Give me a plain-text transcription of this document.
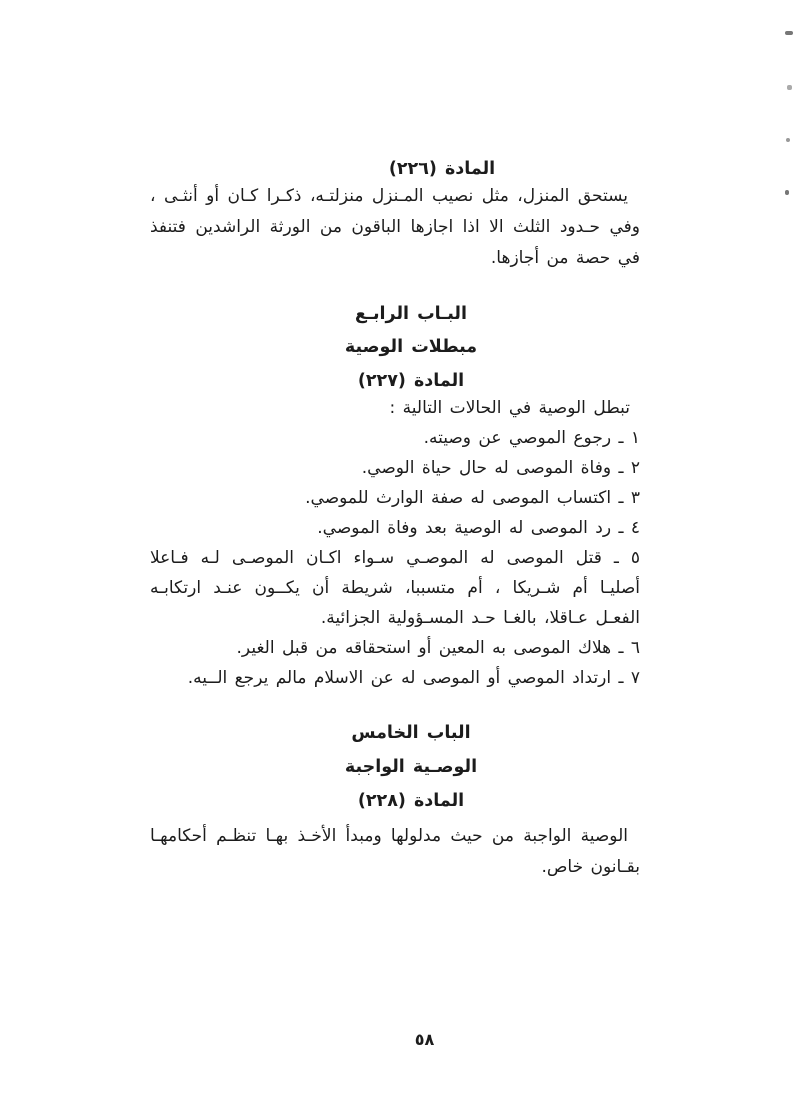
المادة (٢٢٦)

يستحق المنزل، مثل نصيب المـنزل منزلتـه، ذكـرا كـان أو أنثـى ، وفي حـدود الثلث الا اذا اجازها الباقون من الورثة الراشدين فتنفذ في حصة من أجازها.

البـاب الرابـع
مبطلات الوصية
المادة (٢٢٧)

تبطل الوصية في الحالات التالية :

١ ـ رجوع الموصي عن وصيته.

٢ ـ وفاة الموصى له حال حياة الوصي.

٣ ـ اكتساب الموصى له صفة الوارث للموصي.

٤ ـ رد الموصى له الوصية بعد وفاة الموصي.

٥ ـ قتل الموصى له الموصـي سـواء اكـان الموصـى لـه فـاعلا أصليـا أم شـريكا ، أم متسببا، شريطة أن يكــون عنـد ارتكابـه الفعـل عـاقلا، بالغـا حـد المسـؤولية الجزائية.

٦ ـ هلاك الموصى به المعين أو استحقاقه من قبل الغير.

٧ ـ ارتداد الموصي أو الموصى له عن الاسلام مالم يرجع الــيه.

الباب الخامس
الوصـية الواجبة
المادة (٢٢٨)

الوصية الواجبة من حيث مدلولها ومبدأ الأخـذ بهـا تنظـم أحكامهـا بقـانون خاص.

٥٨
